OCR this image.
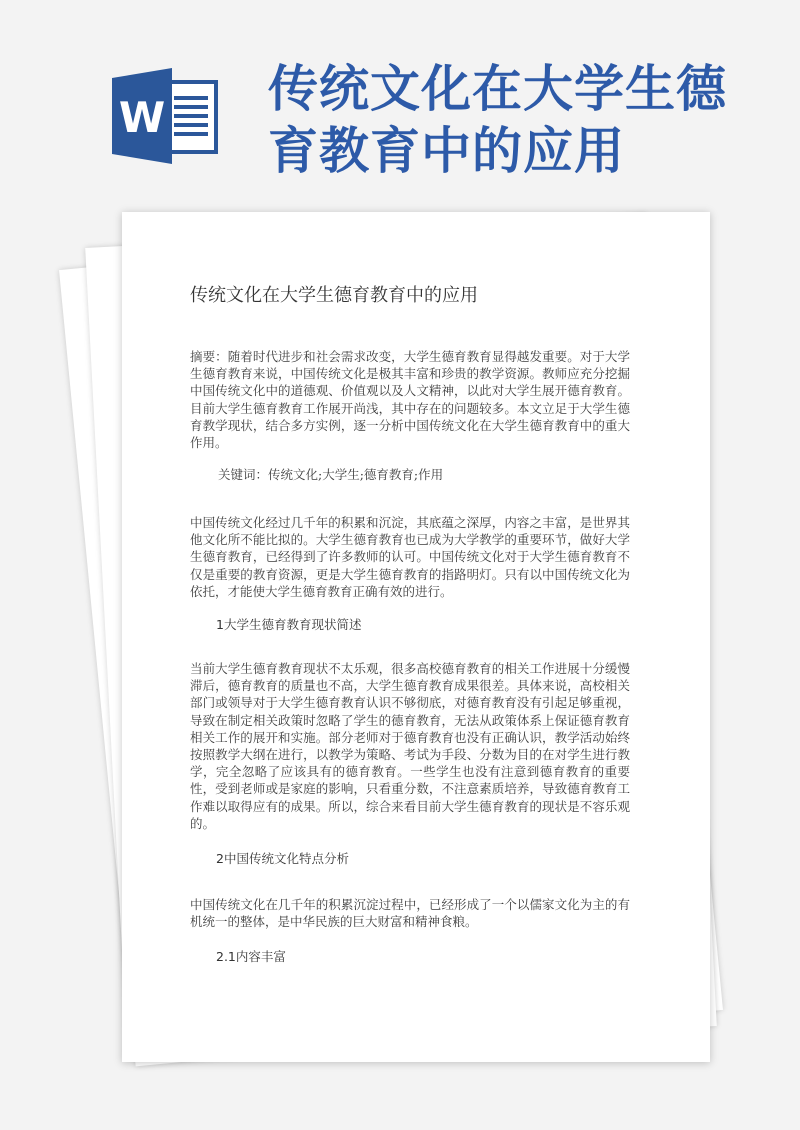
W 传统文化在大学生德育教育中的应用
传统文化在大学生德育教育中的应用

摘要：随着时代进步和社会需求改变，大学生德育教育显得越发重要。对于大学生德育教育来说，中国传统文化是极其丰富和珍贵的教学资源。教师应充分挖掘中国传统文化中的道德观、价值观以及人文精神，以此对大学生展开德育教育。目前大学生德育教育工作展开尚浅，其中存在的问题较多。本文立足于大学生德育教学现状，结合多方实例，逐一分析中国传统文化在大学生德育教育中的重大作用。

关键词：传统文化;大学生;德育教育;作用

中国传统文化经过几千年的积累和沉淀，其底蕴之深厚，内容之丰富，是世界其他文化所不能比拟的。大学生德育教育也已成为大学教学的重要环节，做好大学生德育教育，已经得到了许多教师的认可。中国传统文化对于大学生德育教育不仅是重要的教育资源，更是大学生德育教育的指路明灯。只有以中国传统文化为依托，才能使大学生德育教育正确有效的进行。

1大学生德育教育现状简述

当前大学生德育教育现状不太乐观，很多高校德育教育的相关工作进展十分缓慢滞后，德育教育的质量也不高，大学生德育教育成果很差。具体来说，高校相关部门或领导对于大学生德育教育认识不够彻底，对德育教育没有引起足够重视，导致在制定相关政策时忽略了学生的德育教育，无法从政策体系上保证德育教育相关工作的展开和实施。部分老师对于德育教育也没有正确认识，教学活动始终按照教学大纲在进行，以教学为策略、考试为手段、分数为目的在对学生进行教学，完全忽略了应该具有的德育教育。一些学生也没有注意到德育教育的重要性，受到老师或是家庭的影响，只看重分数，不注意素质培养，导致德育教育工作难以取得应有的成果。所以，综合来看目前大学生德育教育的现状是不容乐观的。

2中国传统文化特点分析

中国传统文化在几千年的积累沉淀过程中，已经形成了一个以儒家文化为主的有机统一的整体，是中华民族的巨大财富和精神食粮。

2.1内容丰富
